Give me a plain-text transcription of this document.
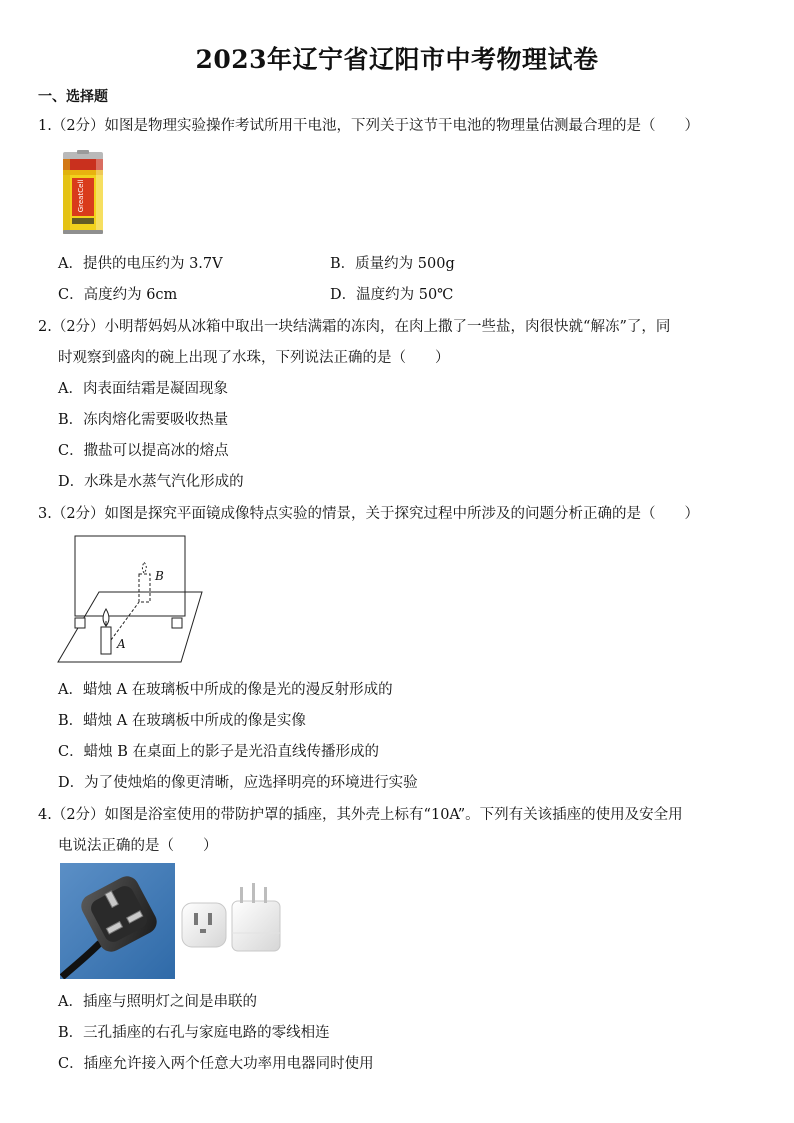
2023年辽宁省辽阳市中考物理试卷
一、选择题
1.（2分）如图是物理实验操作考试所用干电池，下列关于这节干电池的物理量估测最合理的是（　　）
GreatCell
A．提供的电压约为 3.7V	B．质量约为 500g
C．高度约为 6cm	D．温度约为 50℃
2.（2分）小明帮妈妈从冰箱中取出一块结满霜的冻肉，在肉上撒了一些盐，肉很快就“解冻”了，同
时观察到盛肉的碗上出现了水珠，下列说法正确的是（　　）
A．肉表面结霜是凝固现象
B．冻肉熔化需要吸收热量
C．撒盐可以提高冰的熔点
D．水珠是水蒸气汽化形成的
3.（2分）如图是探究平面镜成像特点实验的情景，关于探究过程中所涉及的问题分析正确的是（　　）
B
A
A．蜡烛 A 在玻璃板中所成的像是光的漫反射形成的
B．蜡烛 A 在玻璃板中所成的像是实像
C．蜡烛 B 在桌面上的影子是光沿直线传播形成的
D．为了使烛焰的像更清晰，应选择明亮的环境进行实验
4.（2分）如图是浴室使用的带防护罩的插座，其外壳上标有“10A”。下列有关该插座的使用及安全用
电说法正确的是（　　）
A．插座与照明灯之间是串联的
B．三孔插座的右孔与家庭电路的零线相连
C．插座允许接入两个任意大功率用电器同时使用
